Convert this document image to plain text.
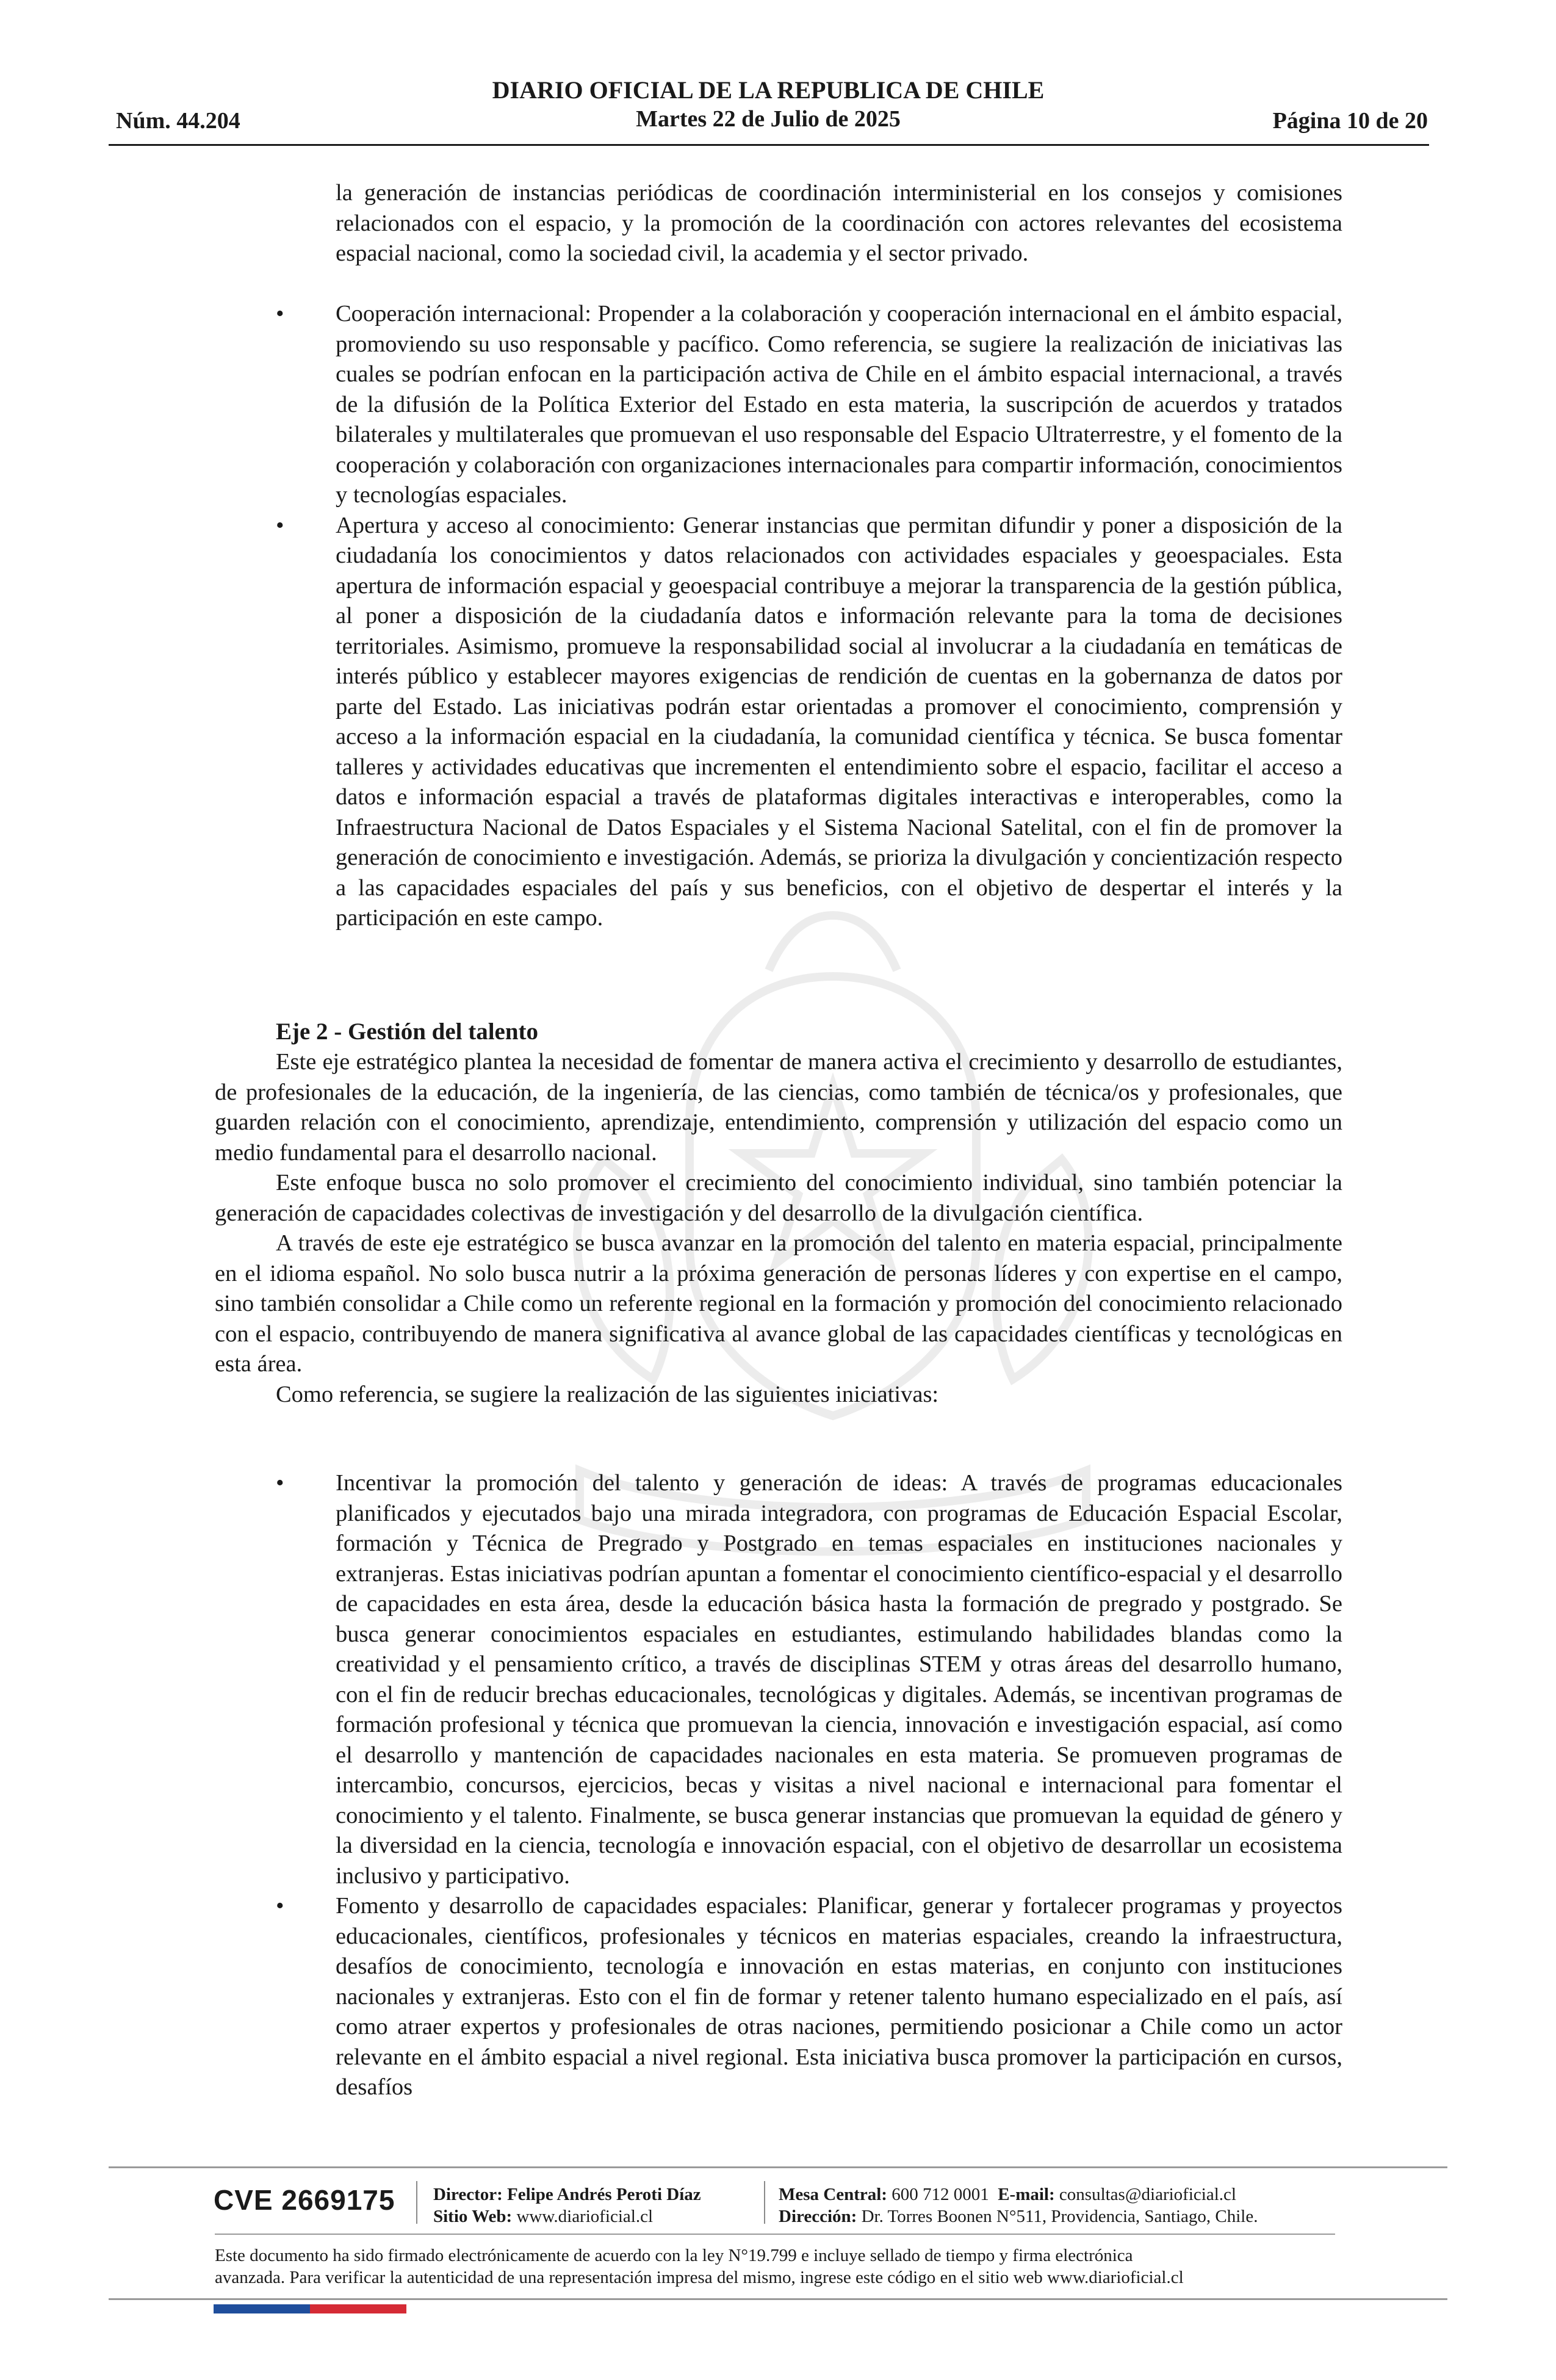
Núm. 44.204
DIARIO OFICIAL DE LA REPUBLICA DE CHILE
Martes 22 de Julio de 2025	Página 10 de 20
la generación de instancias periódicas de coordinación interministerial en los consejos y comisiones relacionados con el espacio, y la promoción de la coordinación con actores relevantes del ecosistema espacial nacional, como la sociedad civil, la academia y el sector privado.
•	Cooperación internacional: Propender a la colaboración y cooperación internacional en el ámbito espacial, promoviendo su uso responsable y pacífico. Como referencia, se sugiere la realización de iniciativas las cuales se podrían enfocan en la participación activa de Chile en el ámbito espacial internacional, a través de la difusión de la Política Exterior del Estado en esta materia, la suscripción de acuerdos y tratados bilaterales y multilaterales que promuevan el uso responsable del Espacio Ultraterrestre, y el fomento de la cooperación y colaboración con organizaciones internacionales para compartir información, conocimientos y tecnologías espaciales.
•	Apertura y acceso al conocimiento: Generar instancias que permitan difundir y poner a disposición de la ciudadanía los conocimientos y datos relacionados con actividades espaciales y geoespaciales. Esta apertura de información espacial y geoespacial contribuye a mejorar la transparencia de la gestión pública, al poner a disposición de la ciudadanía datos e información relevante para la toma de decisiones territoriales. Asimismo, promueve la responsabilidad social al involucrar a la ciudadanía en temáticas de interés público y establecer mayores exigencias de rendición de cuentas en la gobernanza de datos por parte del Estado. Las iniciativas podrán estar orientadas a promover el conocimiento, comprensión y acceso a la información espacial en la ciudadanía, la comunidad científica y técnica. Se busca fomentar talleres y actividades educativas que incrementen el entendimiento sobre el espacio, facilitar el acceso a datos e información espacial a través de plataformas digitales interactivas e interoperables, como la Infraestructura Nacional de Datos Espaciales y el Sistema Nacional Satelital, con el fin de promover la generación de conocimiento e investigación. Además, se prioriza la divulgación y concientización respecto a las capacidades espaciales del país y sus beneficios, con el objetivo de despertar el interés y la participación en este campo.
Eje 2 - Gestión del talento
Este eje estratégico plantea la necesidad de fomentar de manera activa el crecimiento y desarrollo de estudiantes, de profesionales de la educación, de la ingeniería, de las ciencias, como también de técnica/os y profesionales, que guarden relación con el conocimiento, aprendizaje, entendimiento, comprensión y utilización del espacio como un medio fundamental para el desarrollo nacional.
Este enfoque busca no solo promover el crecimiento del conocimiento individual, sino también potenciar la generación de capacidades colectivas de investigación y del desarrollo de la divulgación científica.
A través de este eje estratégico se busca avanzar en la promoción del talento en materia espacial, principalmente en el idioma español. No solo busca nutrir a la próxima generación de personas líderes y con expertise en el campo, sino también consolidar a Chile como un referente regional en la formación y promoción del conocimiento relacionado con el espacio, contribuyendo de manera significativa al avance global de las capacidades científicas y tecnológicas en esta área.
Como referencia, se sugiere la realización de las siguientes iniciativas:
•	Incentivar la promoción del talento y generación de ideas: A través de programas educacionales planificados y ejecutados bajo una mirada integradora, con programas de Educación Espacial Escolar, formación y Técnica de Pregrado y Postgrado en temas espaciales en instituciones nacionales y extranjeras. Estas iniciativas podrían apuntan a fomentar el conocimiento científico-espacial y el desarrollo de capacidades en esta área, desde la educación básica hasta la formación de pregrado y postgrado. Se busca generar conocimientos espaciales en estudiantes, estimulando habilidades blandas como la creatividad y el pensamiento crítico, a través de disciplinas STEM y otras áreas del desarrollo humano, con el fin de reducir brechas educacionales, tecnológicas y digitales. Además, se incentivan programas de formación profesional y técnica que promuevan la ciencia, innovación e investigación espacial, así como el desarrollo y mantención de capacidades nacionales en esta materia. Se promueven programas de intercambio, concursos, ejercicios, becas y visitas a nivel nacional e internacional para fomentar el conocimiento y el talento. Finalmente, se busca generar instancias que promuevan la equidad de género y la diversidad en la ciencia, tecnología e innovación espacial, con el objetivo de desarrollar un ecosistema inclusivo y participativo.
•	Fomento y desarrollo de capacidades espaciales: Planificar, generar y fortalecer programas y proyectos educacionales, científicos, profesionales y técnicos en materias espaciales, creando la infraestructura, desafíos de conocimiento, tecnología e innovación en estas materias, en conjunto con instituciones nacionales y extranjeras. Esto con el fin de formar y retener talento humano especializado en el país, así como atraer expertos y profesionales de otras naciones, permitiendo posicionar a Chile como un actor relevante en el ámbito espacial a nivel regional. Esta iniciativa busca promover la participación en cursos, desafíos
CVE 2669175 Director: Felipe Andrés Peroti Díaz
Sitio Web: www.diarioficial.cl
Mesa Central: 600 712 0001 E-mail: consultas@diarioficial.cl
Dirección: Dr. Torres Boonen N°511, Providencia, Santiago, Chile.
Este documento ha sido firmado electrónicamente de acuerdo con la ley N°19.799 e incluye sellado de tiempo y firma electrónica
avanzada. Para verificar la autenticidad de una representación impresa del mismo, ingrese este código en el sitio web www.diarioficial.cl
